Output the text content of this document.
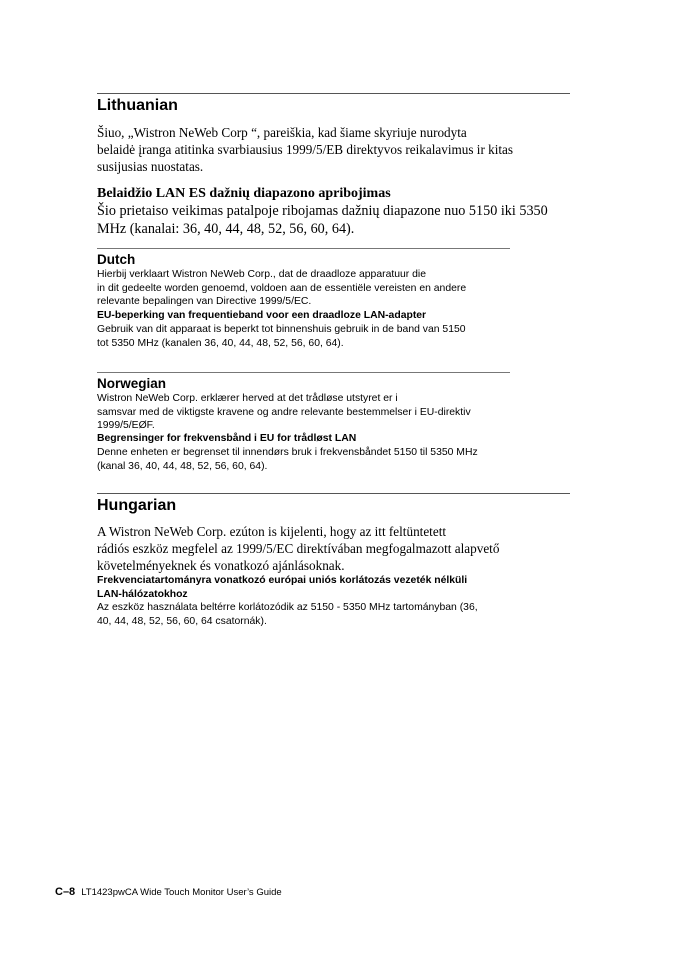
Lithuanian

Šiuo, „Wistron NeWeb Corp “, pareiškia, kad šiame skyriuje nurodyta
belaidė įranga atitinka svarbiausius 1999/5/EB direktyvos reikalavimus ir kitas
susijusias nuostatas.

Belaidžio LAN ES dažnių diapazono apribojimas

Šio prietaiso veikimas patalpoje ribojamas dažnių diapazone nuo 5150 iki 5350
MHz (kanalai: 36, 40, 44, 48, 52, 56, 60, 64).

Dutch

Hierbij verklaart Wistron NeWeb Corp., dat de draadloze apparatuur die
in dit gedeelte worden genoemd, voldoen aan de essentiële vereisten en andere
relevante bepalingen van Directive 1999/5/EC.

EU-beperking van frequentieband voor een draadloze LAN-adapter

Gebruik van dit apparaat is beperkt tot binnenshuis gebruik in de band van 5150
tot 5350 MHz (kanalen 36, 40, 44, 48, 52, 56, 60, 64).

Norwegian

Wistron NeWeb Corp. erklærer herved at det trådløse utstyret er i
samsvar med de viktigste kravene og andre relevante bestemmelser i EU-direktiv
1999/5/EØF.

Begrensinger for frekvensbånd i EU for trådløst LAN

Denne enheten er begrenset til innendørs bruk i frekvensbåndet 5150 til 5350 MHz
(kanal 36, 40, 44, 48, 52, 56, 60, 64).

Hungarian

A Wistron NeWeb Corp. ezúton is kijelenti, hogy az itt feltüntetett
rádiós eszköz megfelel az 1999/5/EC direktívában megfogalmazott alapvető
követelményeknek és vonatkozó ajánlásoknak.

Frekvenciatartományra vonatkozó európai uniós korlátozás vezeték nélküli
LAN-hálózatokhoz

Az eszköz használata beltérre korlátozódik az 5150 - 5350 MHz tartományban (36,
40, 44, 48, 52, 56, 60, 64 csatornák).

C–8 LT1423pwCA Wide Touch Monitor User’s Guide
